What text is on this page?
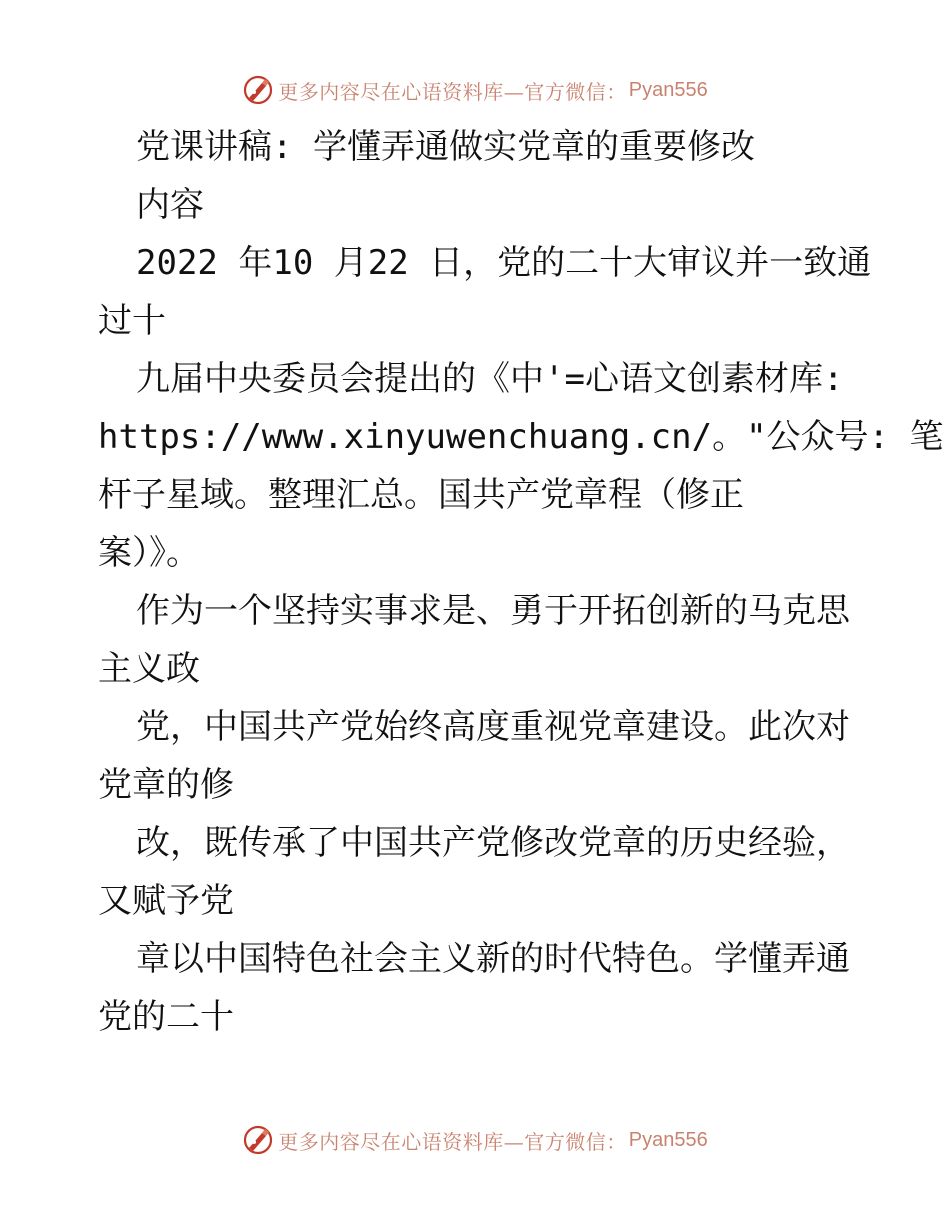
更多内容尽在心语资料库—官方微信： Pyan556
党课讲稿: 学懂弄通做实党章的重要修改
内容
2022 年10 月22 日，党的二十大审议并一致通
过十
九届中央委员会提出的《中'=心语文创素材库:
https://www.xinyuwenchuang.cn/。"公众号: 笔
杆子星域。整理汇总。国共产党章程（修正
案）》。
作为一个坚持实事求是、勇于开拓创新的马克思
主义政
党，中国共产党始终高度重视党章建设。此次对
党章的修
改，既传承了中国共产党修改党章的历史经验，
又赋予党
章以中国特色社会主义新的时代特色。学懂弄通
党的二十
更多内容尽在心语资料库—官方微信： Pyan556
